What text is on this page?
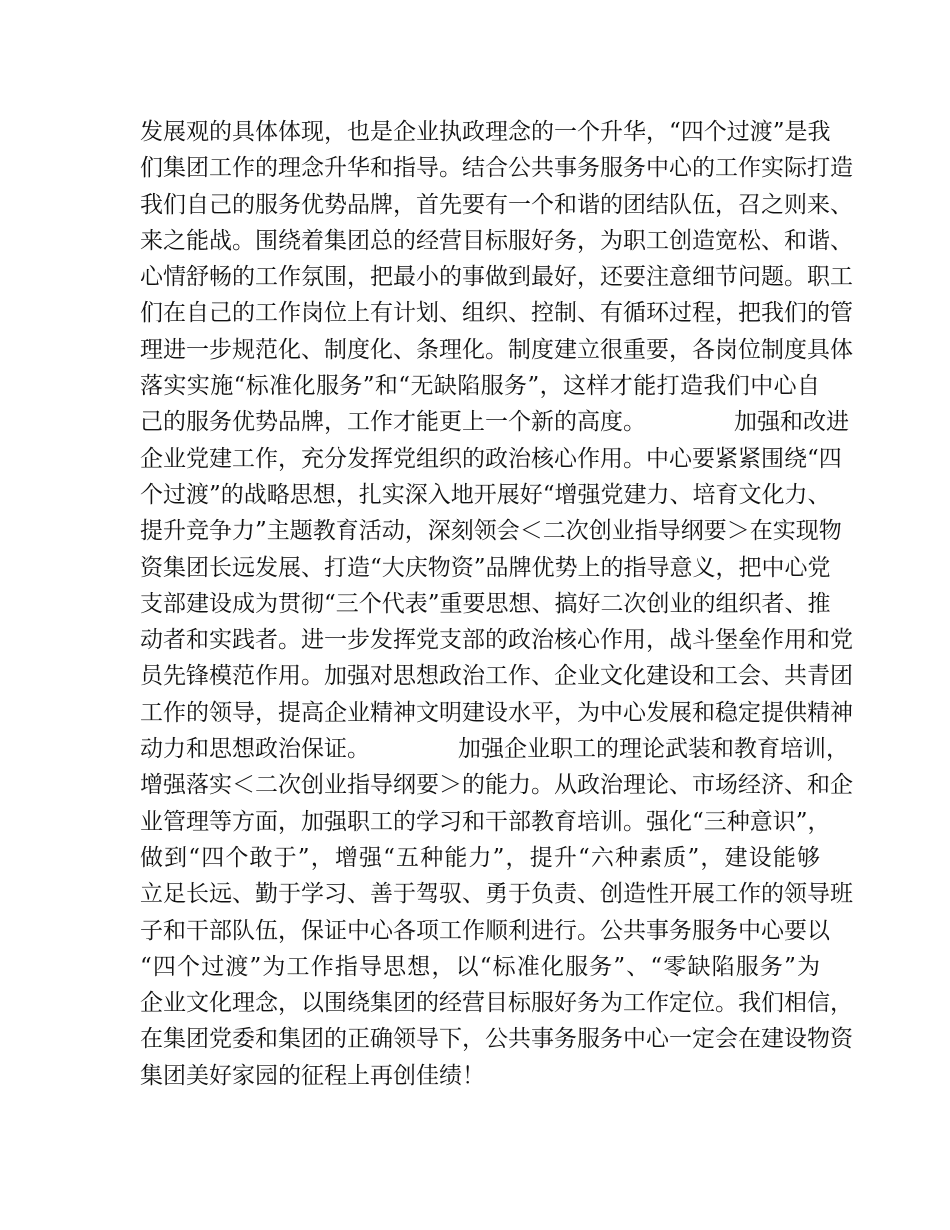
发展观的具体体现，也是企业执政理念的一个升华，“四个过渡”是我
们集团工作的理念升华和指导。结合公共事务服务中心的工作实际打造
我们自己的服务优势品牌，首先要有一个和谐的团结队伍，召之则来、
来之能战。围绕着集团总的经营目标服好务，为职工创造宽松、和谐、
心情舒畅的工作氛围，把最小的事做到最好，还要注意细节问题。职工
们在自己的工作岗位上有计划、组织、控制、有循环过程，把我们的管
理进一步规范化、制度化、条理化。制度建立很重要，各岗位制度具体
落实实施“标准化服务”和“无缺陷服务”，这样才能打造我们中心自
己的服务优势品牌，工作才能更上一个新的高度。	加强和改进
企业党建工作，充分发挥党组织的政治核心作用。中心要紧紧围绕“四
个过渡”的战略思想，扎实深入地开展好“增强党建力、培育文化力、
提升竞争力”主题教育活动，深刻领会＜二次创业指导纲要＞在实现物
资集团长远发展、打造“大庆物资”品牌优势上的指导意义，把中心党
支部建设成为贯彻“三个代表”重要思想、搞好二次创业的组织者、推
动者和实践者。进一步发挥党支部的政治核心作用，战斗堡垒作用和党
员先锋模范作用。加强对思想政治工作、企业文化建设和工会、共青团
工作的领导，提高企业精神文明建设水平，为中心发展和稳定提供精神
动力和思想政治保证。	加强企业职工的理论武装和教育培训，
增强落实＜二次创业指导纲要＞的能力。从政治理论、市场经济、和企
业管理等方面，加强职工的学习和干部教育培训。强化“三种意识”，
做到“四个敢于”，增强“五种能力”，提升“六种素质”，建设能够
立足长远、勤于学习、善于驾驭、勇于负责、创造性开展工作的领导班
子和干部队伍，保证中心各项工作顺利进行。公共事务服务中心要以
“四个过渡”为工作指导思想，以“标准化服务”、“零缺陷服务”为
企业文化理念，以围绕集团的经营目标服好务为工作定位。我们相信，
在集团党委和集团的正确领导下，公共事务服务中心一定会在建设物资
集团美好家园的征程上再创佳绩！
